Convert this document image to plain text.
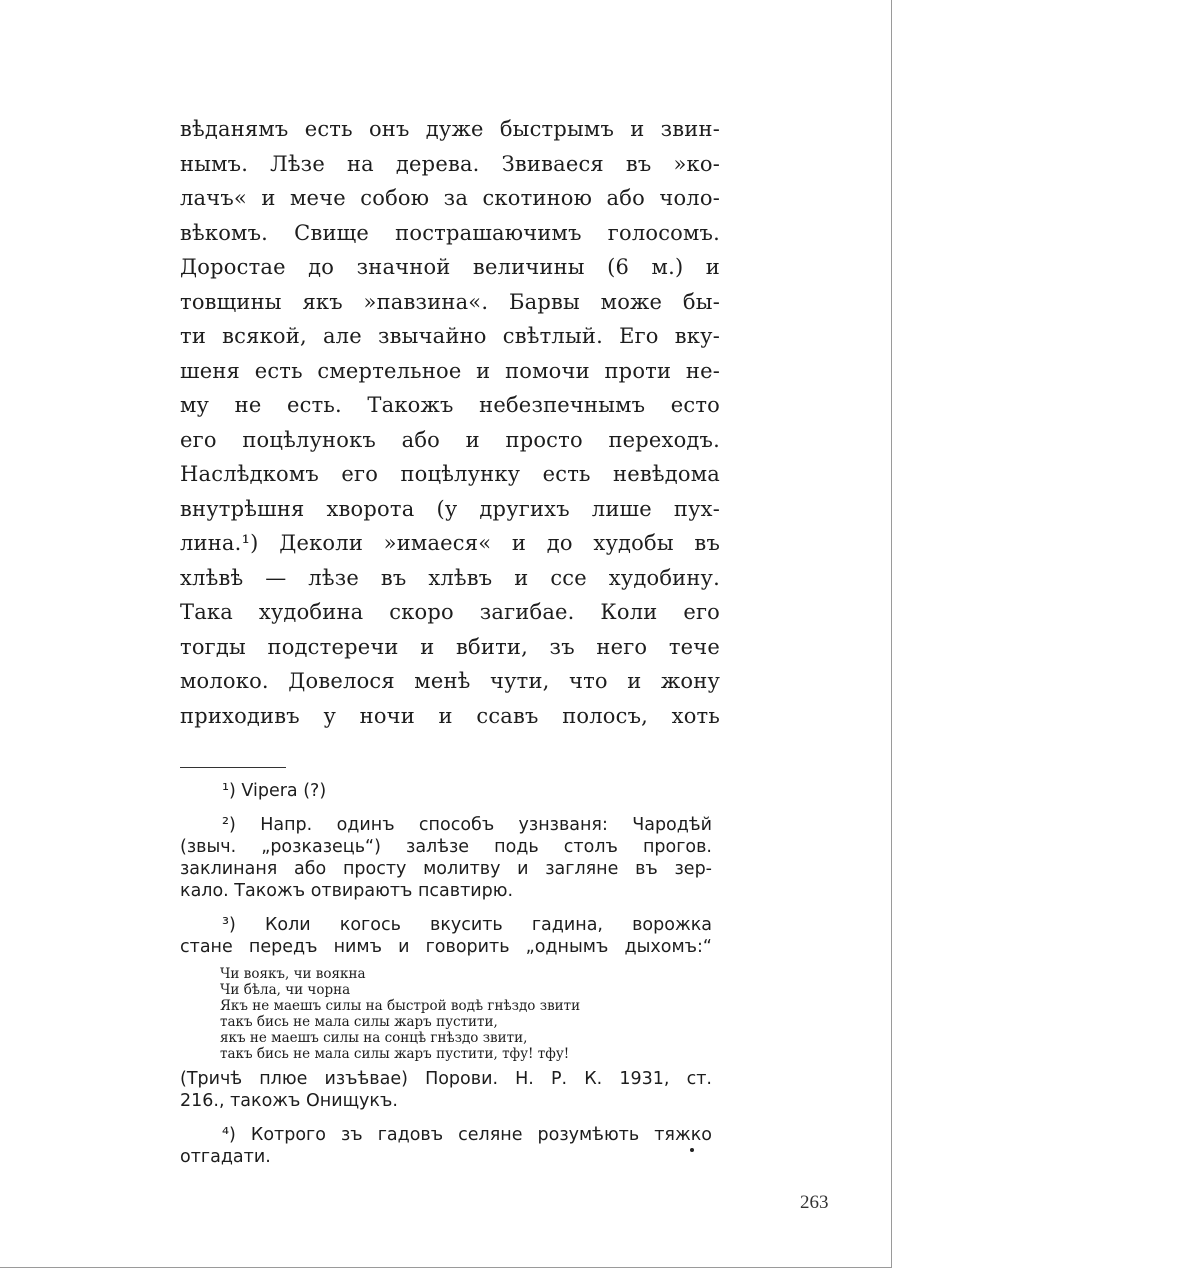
вѣданямъ есть онъ дуже быстрымъ и звин-
нымъ. Лѣзе на дерева. Звиваеся въ »ко-
лачъ« и мече собою за скотиною або чоло-
вѣкомъ. Свище пострашаючимъ голосомъ.
Доростае до значной величины (6 м.) и
товщины якъ »павзина«. Барвы може бы-
ти всякой, але звычайно свѣтлый. Его вку-
шеня есть смертельное и помочи проти не-
му не есть. Такожъ небезпечнымъ есто
его поцѣлунокъ або и просто переходъ.
Наслѣдкомъ его поцѣлунку есть невѣдома
внутрѣшня хворота (у другихъ лише пух-
лина.¹) Деколи »имаеся« и до худобы въ
хлѣвѣ — лѣзе въ хлѣвъ и ссе худобину.
Така худобина скоро загибае. Коли его
тогды подстеречи и вбити, зъ него тече
молоко. Довелося менѣ чути, что и жону
приходивъ у ночи и ссавъ полосъ, хоть
¹) Vipera (?)
²) Напр. одинъ способъ узнзваня: Чародѣй
(звыч. „розказець“) залѣзе подь столъ прогов.
заклинаня або просту молитву и загляне въ зер-
кало. Такожъ отвираютъ псавтирю.
³) Коли когось вкусить гадина, ворожка
стане передъ нимъ и говорить „однымъ дыхомъ:“
Чи воякъ, чи воякна
Чи бѣла, чи чорна
Якъ не маешъ силы на быстрой водѣ гнѣздо звити
такъ бись не мала силы жаръ пустити,
якъ не маешъ силы на сонцѣ гнѣздо звити,
такъ бись не мала силы жаръ пустити, тфу! тфу!
(Тричѣ плюе изъѣвае) Порови. Н. Р. К. 1931, ст.
216., такожъ Онищукъ.
⁴) Котрого зъ гадовъ селяне розумѣють тяжко
отгадати.
263
